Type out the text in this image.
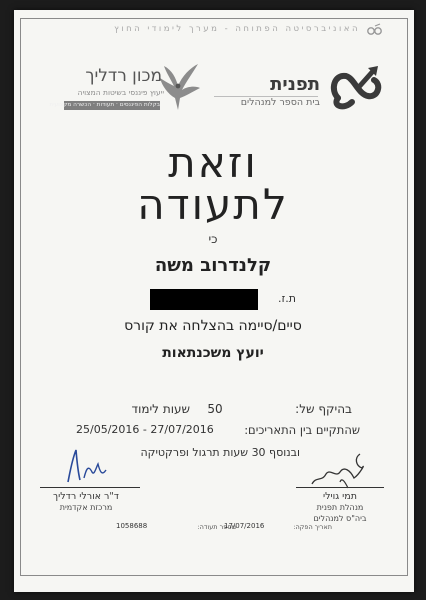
האוניברסיטה הפתוחה - מערך לימודי החוץ
תפנית
בית הספר למנהלים
מכון רדליך
ייעוץ פיננסי בשיטות המצויה
בקלות הפיננסים · תעודות · הכשרה מקצועית
וזאת
לתעודה
כי
קלנדרוב משה
ת.ז.
סיים/סיימה בהצלחה את קורס
יועץ משכנתאות
בהיקף של:
50
שעות לימוד
שהתקיים בין התאריכים:
25/05/2016 - 27/07/2016
ובנוסף 30 שעות תרגול ופרקטיקה
ד"ר אורלי רדליך
מרכזת אקדמית
תמי גוילי
מנהלת תפנית
ביה"ס למנהלים
מספר תעודה:
1058688	תאריך הפקה:
17/07/2016
